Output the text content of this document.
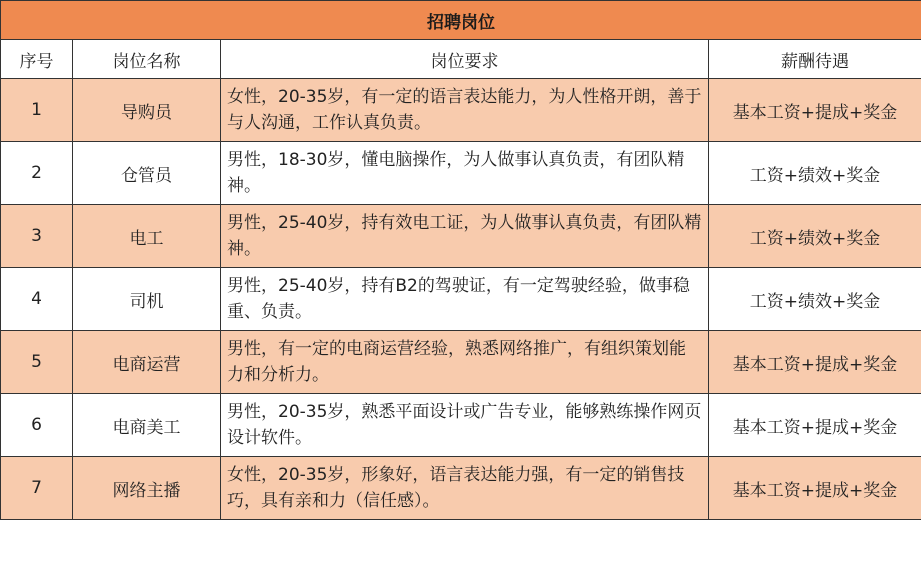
招聘岗位			
序号	岗位名称	岗位要求	薪酬待遇
1	导购员	女性，20-35岁，有一定的语言表达能力，为人性格开朗，善于与人沟通，工作认真负责。	基本工资+提成+奖金
2	仓管员	男性，18-30岁，懂电脑操作，为人做事认真负责，有团队精神。	工资+绩效+奖金
3	电工	男性，25-40岁，持有效电工证，为人做事认真负责，有团队精神。	工资+绩效+奖金
4	司机	男性，25-40岁，持有B2的驾驶证，有一定驾驶经验，做事稳重、负责。	工资+绩效+奖金
5	电商运营	男性，有一定的电商运营经验，熟悉网络推广，有组织策划能力和分析力。	基本工资+提成+奖金
6	电商美工	男性，20-35岁，熟悉平面设计或广告专业，能够熟练操作网页设计软件。	基本工资+提成+奖金
7	网络主播	女性，20-35岁，形象好，语言表达能力强，有一定的销售技巧，具有亲和力（信任感）。	基本工资+提成+奖金
